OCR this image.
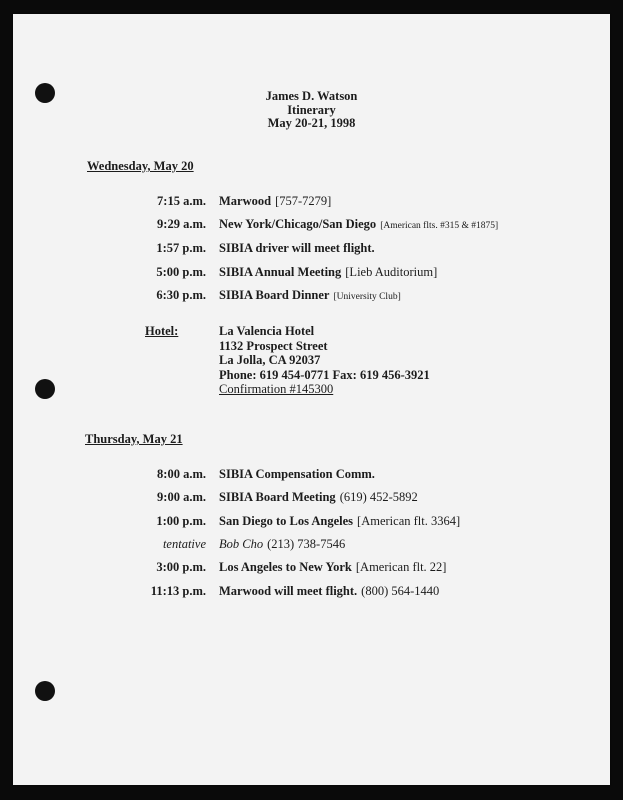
James D. Watson
Itinerary
May 20-21, 1998
Wednesday, May 20
7:15 a.m. Marwood [757-7279]
9:29 a.m. New York/Chicago/San Diego [American flts. #315 & #1875]
1:57 p.m. SIBIA driver will meet flight.
5:00 p.m. SIBIA Annual Meeting [Lieb Auditorium]
6:30 p.m. SIBIA Board Dinner [University Club]
Hotel:	La Valencia Hotel
1132 Prospect Street
La Jolla, CA 92037
Phone: 619 454-0771 Fax: 619 456-3921
Confirmation #145300
Thursday, May 21
8:00 a.m. SIBIA Compensation Comm.
9:00 a.m. SIBIA Board Meeting (619) 452-5892
1:00 p.m. San Diego to Los Angeles [American flt. 3364]
tentative Bob Cho (213) 738-7546
3:00 p.m. Los Angeles to New York [American flt. 22]
11:13 p.m. Marwood will meet flight. (800) 564-1440
